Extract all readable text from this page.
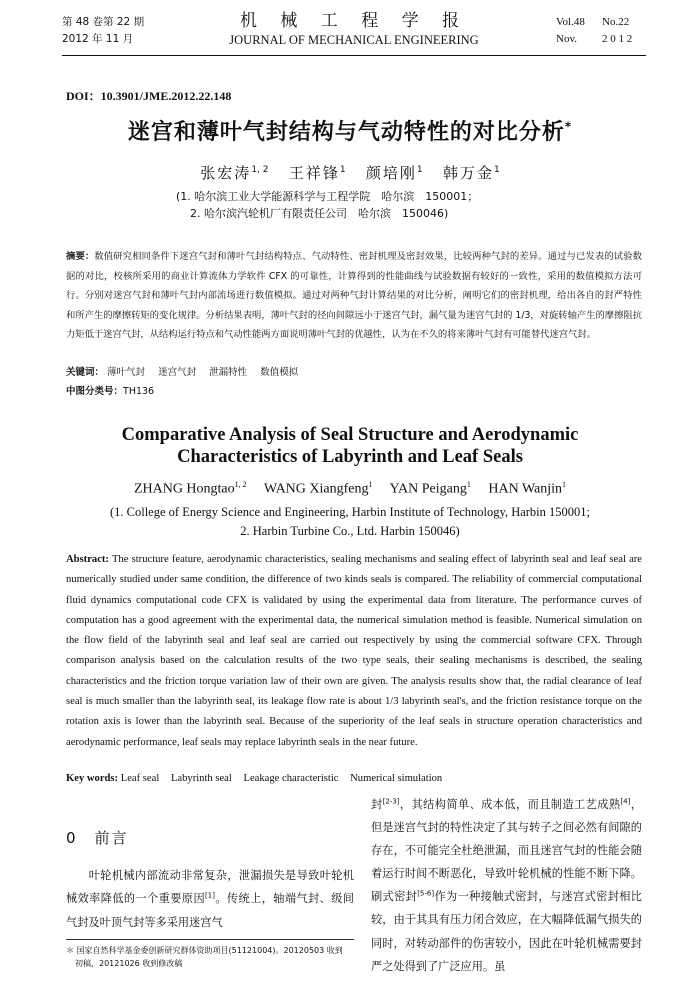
第 48 卷第 22 期
2012 年 11 月
机 械 工 程 学 报
JOURNAL OF MECHANICAL ENGINEERING
Vol.48 No.22
Nov. 2 0 1 2
DOI：10.3901/JME.2012.22.148
迷宫和薄叶气封结构与气动特性的对比分析*
张宏涛$^{1, 2}$ 王祥锋$^1$ 颜培刚$^1$ 韩万金$^1$
(1. 哈尔滨工业大学能源科学与工程学院　哈尔滨　150001；
2. 哈尔滨汽轮机厂有限责任公司　哈尔滨　150046)
摘要：数值研究相同条件下迷宫气封和薄叶气封结构特点、气动特性、密封机理及密封效果，比较两种气封的差异。通过与已发表的试验数据的对比，校核所采用的商业计算流体力学软件 CFX 的可靠性，计算得到的性能曲线与试验数据有较好的一致性，采用的数值模拟方法可行。分别对迷宫气封和薄叶气封内部流场进行数值模拟。通过对两种气封计算结果的对比分析，阐明它们的密封机理，给出各自的封严特性和所产生的摩擦转矩的变化规律。分析结果表明，薄叶气封的径向间隙远小于迷宫气封，漏气量为迷宫气封的 1/3，对旋转轴产生的摩擦阻抗力矩低于迷宫气封，从结构运行特点和气动性能两方面说明薄叶气封的优越性，认为在不久的将来薄叶气封有可能替代迷宫气封。
关键词： 薄叶气封 迷宫气封 泄漏特性 数值模拟
中图分类号：TH136
Comparative Analysis of Seal Structure and Aerodynamic
Characteristics of Labyrinth and Leaf Seals
ZHANG Hongtao$^{1, 2}$ WANG Xiangfeng$^1$ YAN Peigang$^1$ HAN Wanjin$^1$
(1. College of Energy Science and Engineering, Harbin Institute of Technology, Harbin 150001;
2. Harbin Turbine Co., Ltd. Harbin 150046)
Abstract: The structure feature, aerodynamic characteristics, sealing mechanisms and sealing effect of labyrinth seal and leaf seal are numerically studied under same condition, the difference of two kinds seals is compared. The reliability of commercial computational fluid dynamics computational code CFX is validated by using the experimental data from literature. The performance curves of computation has a good agreement with the experimental data, the numerical simulation method is feasible. Numerical simulation on the flow field of the labyrinth seal and leaf seal are carried out respectively by using the commercial software CFX. Through comparison analysis based on the calculation results of the two type seals, their sealing mechanisms is described, the sealing characteristics and the friction torque variation law of their own are given. The analysis results show that, the radial clearance of leaf seal is much smaller than the labyrinth seal, its leakage flow rate is about 1/3 labyrinth seal's, and the friction resistance torque on the rotation axis is lower than the labyrinth seal. Because of the superiority of the leaf seals in structure operation characteristics and aerodynamic performance, leaf seals may replace labyrinth seals in the near future.
Key words: Leaf seal Labyrinth seal Leakage characteristic Numerical simulation
0　前言
  叶轮机械内部流动非常复杂，泄漏损失是导致叶轮机械效率降低的一个重要原因[1]。传统上，轴端气封、级间气封及叶顶气封等多采用迷宫气
＊ 国家自然科学基金委创新研究群体资助项目(51121004)。20120503 收到
初稿，20121026 收到修改稿
封[2-3]，其结构简单、成本低，而且制造工艺成熟[4]，但是迷宫气封的特性决定了其与转子之间必然有间隙的存在，不可能完全杜绝泄漏，而且迷宫气封的性能会随着运行时间不断恶化，导致叶轮机械的性能不断下降。刷式密封[5-6]作为一种接触式密封，与迷宫式密封相比较，由于其具有压力闭合效应，在大幅降低漏气损失的同时，对转动部件的伤害较小，因此在叶轮机械需要封严之处得到了广泛应用。虽
